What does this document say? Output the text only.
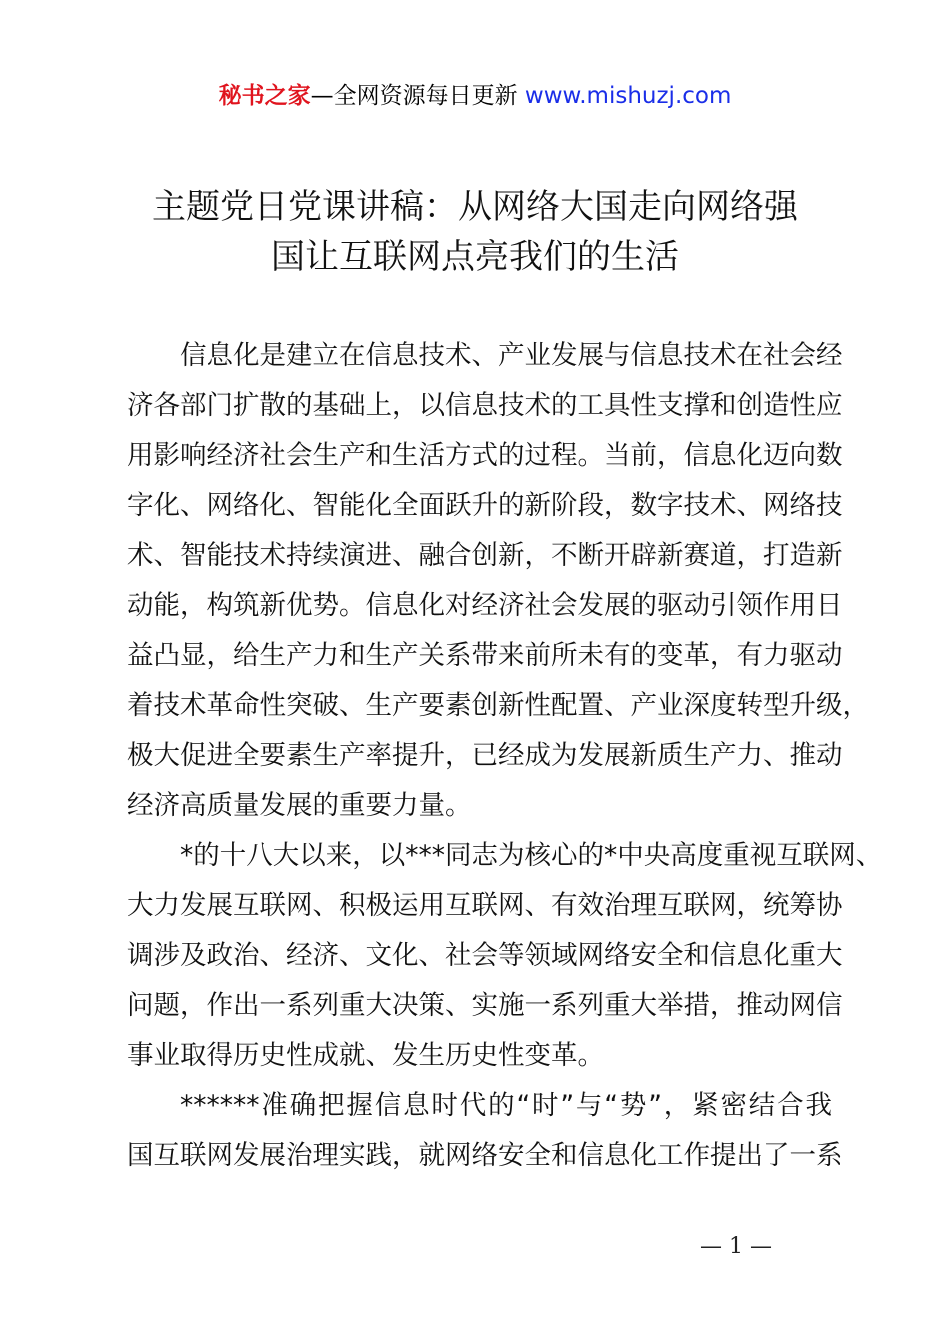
秘书之家—全网资源每日更新 www.mishuzj.com
主题党日党课讲稿：从网络大国走向网络强
国让互联网点亮我们的生活
信息化是建立在信息技术、产业发展与信息技术在社会经
济各部门扩散的基础上，以信息技术的工具性支撑和创造性应
用影响经济社会生产和生活方式的过程。当前，信息化迈向数
字化、网络化、智能化全面跃升的新阶段，数字技术、网络技
术、智能技术持续演进、融合创新，不断开辟新赛道，打造新
动能，构筑新优势。信息化对经济社会发展的驱动引领作用日
益凸显，给生产力和生产关系带来前所未有的变革，有力驱动
着技术革命性突破、生产要素创新性配置、产业深度转型升级，
极大促进全要素生产率提升，已经成为发展新质生产力、推动
经济高质量发展的重要力量。
*的十八大以来，以***同志为核心的*中央高度重视互联网、
大力发展互联网、积极运用互联网、有效治理互联网，统筹协
调涉及政治、经济、文化、社会等领域网络安全和信息化重大
问题，作出一系列重大决策、实施一系列重大举措，推动网信
事业取得历史性成就、发生历史性变革。
******准确把握信息时代的“时”与“势”，紧密结合我
国互联网发展治理实践，就网络安全和信息化工作提出了一系
— 1 —
